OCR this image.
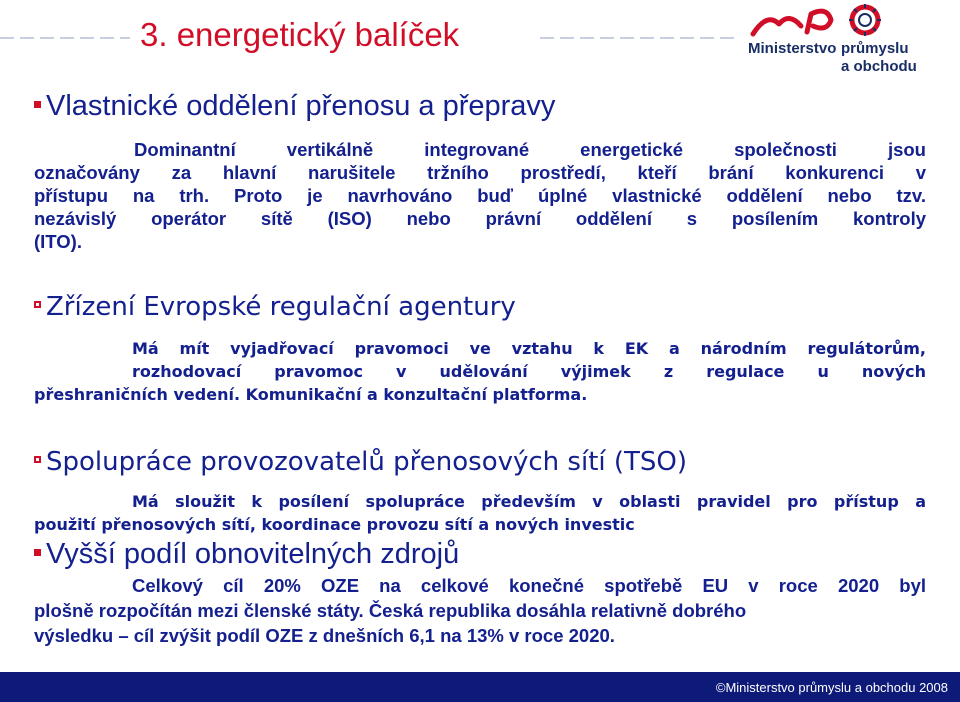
3. energetický balíček	Ministerstvo průmyslu
a obchodu
Vlastnické oddělení přenosu a přepravy
Dominantní vertikálně integrované energetické společnosti jsou
označovány za hlavní narušitele tržního prostředí, kteří brání konkurenci v
přístupu na trh. Proto je navrhováno buď úplné vlastnické oddělení nebo tzv.
nezávislý operátor sítě (ISO) nebo právní oddělení s posílením kontroly
(ITO).
Zřízení Evropské regulační agentury
Má mít vyjadřovací pravomoci ve vztahu k EK a národním regulátorům,
rozhodovací pravomoc v udělování výjimek z regulace u nových
přeshraničních vedení. Komunikační a konzultační platforma.
Spolupráce provozovatelů přenosových sítí (TSO)
Má sloužit k posílení spolupráce především v oblasti pravidel pro přístup a
použití přenosových sítí, koordinace provozu sítí a nových investic
Vyšší podíl obnovitelných zdrojů
Celkový cíl 20% OZE na celkové konečné spotřebě EU v roce 2020 byl
plošně rozpočítán mezi členské státy. Česká republika dosáhla relativně dobrého
výsledku – cíl zvýšit podíl OZE z dnešních 6,1 na 13% v roce 2020.
©Ministerstvo průmyslu a obchodu 2008
